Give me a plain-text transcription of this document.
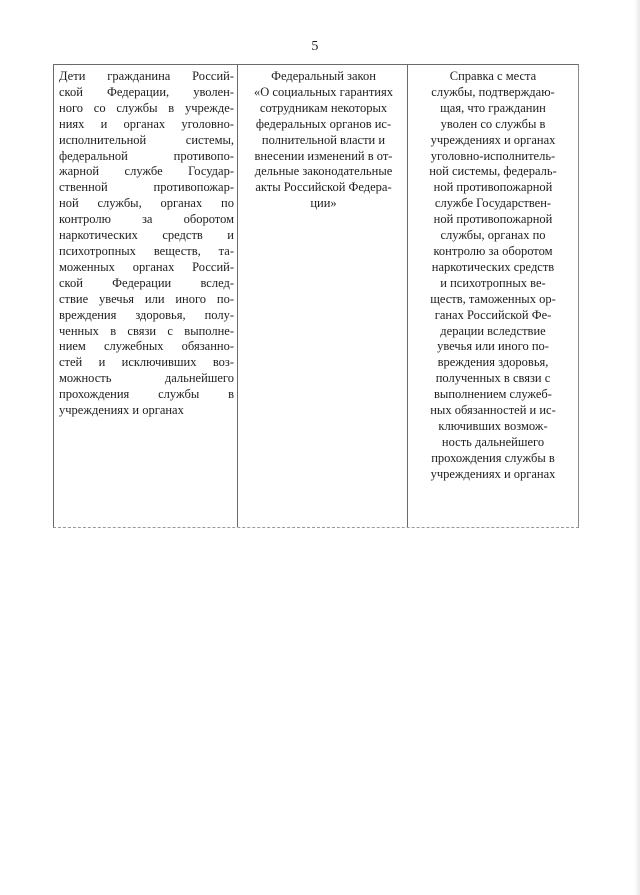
5
Дети гражданина Россий-
ской Федерации, уволен-
ного со службы в учрежде-
ниях и органах уголовно-
исполнительной системы,
федеральной противопо-
жарной службе Государ-
ственной противопожар-
ной службы, органах по
контролю за оборотом
наркотических средств и
психотропных веществ, та-
моженных органах Россий-
ской Федерации вслед-
ствие увечья или иного по-
вреждения здоровья, полу-
ченных в связи с выполне-
нием служебных обязанно-
стей и исключивших воз-
можность дальнейшего
прохождения службы в
учреждениях и органах
Федеральный закон
«О социальных гарантиях
сотрудникам некоторых
федеральных органов ис-
полнительной власти и
внесении изменений в от-
дельные законодательные
акты Российской Федера-
ции»
Справка с места
службы, подтверждаю-
щая, что гражданин
уволен со службы в
учреждениях и органах
уголовно-исполнитель-
ной системы, федераль-
ной противопожарной
службе Государствен-
ной противопожарной
службы, органах по
контролю за оборотом
наркотических средств
и психотропных ве-
ществ, таможенных ор-
ганах Российской Фе-
дерации вследствие
увечья или иного по-
вреждения здоровья,
полученных в связи с
выполнением служеб-
ных обязанностей и ис-
ключивших возмож-
ность дальнейшего
прохождения службы в
учреждениях и органах
